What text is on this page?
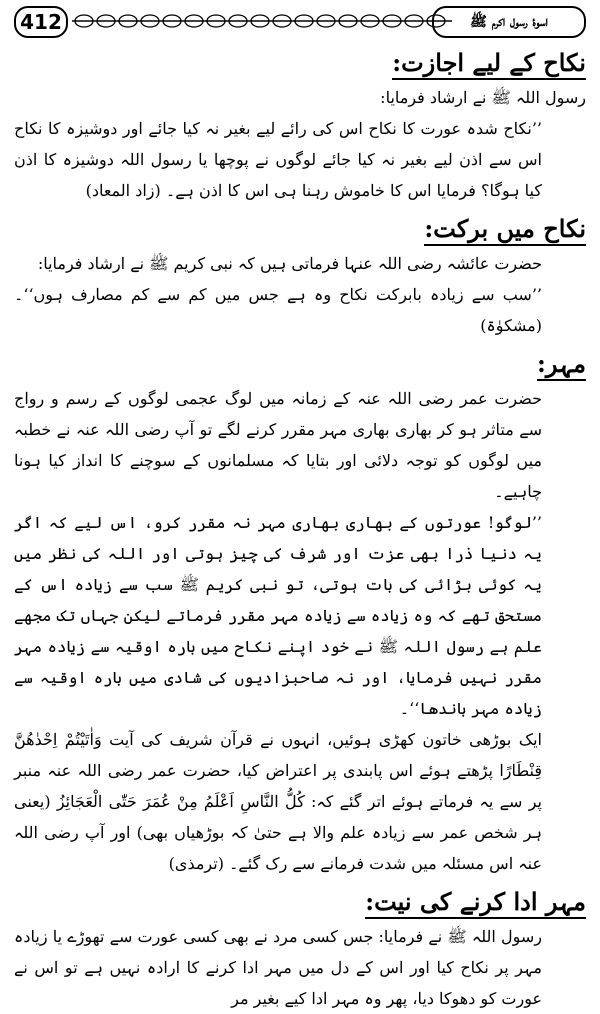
412	اسوۂ رسول اکرم ﷺ
نکاح کے لیے اجازت:

رسول اللہ ﷺ نے ارشاد فرمایا:

’’نکاح شدہ عورت کا نکاح اس کی رائے لیے بغیر نہ کیا جائے اور دوشیزہ کا نکاح اس سے اذن لیے بغیر نہ کیا جائے لوگوں نے پوچھا یا رسول اللہ دوشیزہ کا اذن کیا ہوگا؟ فرمایا اس کا خاموش رہنا ہی اس کا اذن ہے۔ (زاد المعاد)

نکاح میں برکت:

حضرت عائشہ رضی اللہ عنہا فرماتی ہیں کہ نبی کریم ﷺ نے ارشاد فرمایا:

’’سب سے زیادہ بابرکت نکاح وہ ہے جس میں کم سے کم مصارف ہوں‘‘۔ (مشکوٰۃ)

مہر:

حضرت عمر رضی اللہ عنہ کے زمانہ میں لوگ عجمی لوگوں کے رسم و رواج سے متاثر ہو کر بھاری بھاری مہر مقرر کرنے لگے تو آپ رضی اللہ عنہ نے خطبہ میں لوگوں کو توجہ دلائی اور بتایا کہ مسلمانوں کے سوچنے کا انداز کیا ہونا چاہیے۔

’’لوگو! عورتوں کے بھاری بھاری مہر نہ مقرر کرو، اس لیے کہ اگر یہ دنیا ذرا بھی عزت اور شرف کی چیز ہوتی اور اللہ کی نظر میں یہ کوئی بڑائی کی بات ہوتی، تو نبی کریم ﷺ سب سے زیادہ اس کے مستحق تھے کہ وہ زیادہ سے زیادہ مہر مقرر فرماتے لیکن جہاں تک مجھے علم ہے رسول اللہ ﷺ نے خود اپنے نکاح میں بارہ اوقیہ سے زیادہ مہر مقرر نہیں فرمایا، اور نہ صاحبزادیوں کی شادی میں بارہ اوقیہ سے زیادہ مہر باندھا‘‘۔

ایک بوڑھی خاتون کھڑی ہوئیں، انہوں نے قرآن شریف کی آیت وَاٰتَیْتُمْ اِحْدٰھُنَّ قِنْطَارًا پڑھتے ہوئے اس پابندی پر اعتراض کیا، حضرت عمر رضی اللہ عنہ منبر پر سے یہ فرماتے ہوئے اتر گئے کہ: کُلُّ النَّاسِ اَعْلَمُ مِنْ عُمَرَ حَتّٰی الْعَجَائِزُ (یعنی ہر شخص عمر سے زیادہ علم والا ہے حتیٰ کہ بوڑھیاں بھی) اور آپ رضی اللہ عنہ اس مسئلہ میں شدت فرمانے سے رک گئے۔ (ترمذی)

مہر ادا کرنے کی نیت:

رسول اللہ ﷺ نے فرمایا: جس کسی مرد نے بھی کسی عورت سے تھوڑے یا زیادہ مہر پر نکاح کیا اور اس کے دل میں مہر ادا کرنے کا ارادہ نہیں ہے تو اس نے عورت کو دھوکا دیا، پھر وہ مہر ادا کیے بغیر مر
